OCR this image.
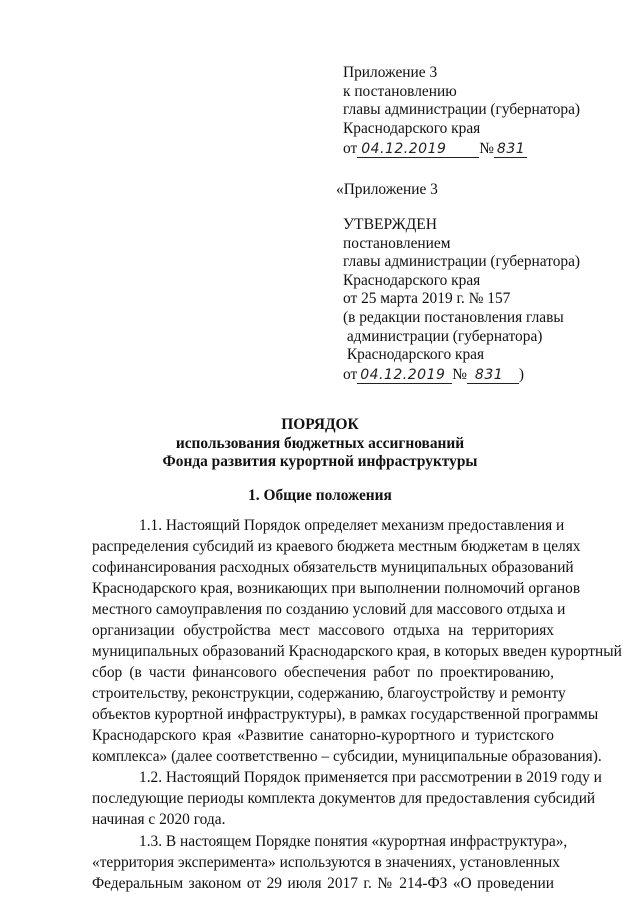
Приложение 3
к постановлению
главы администрации (губернатора)
Краснодарского края
от 04.12.2019 № 831
«Приложение 3
УТВЕРЖДЕН
постановлением
главы администрации (губернатора)
Краснодарского края
от 25 марта 2019 г. № 157
(в редакции постановления главы
администрации (губернатора)
Краснодарского края
от 04.12.2019 № 831 )
ПОРЯДОК
использования бюджетных ассигнований
Фонда развития курортной инфраструктуры
1. Общие положения
1.1. Настоящий Порядок определяет механизм предоставления и
распределения субсидий из краевого бюджета местным бюджетам в целях
софинансирования расходных обязательств муниципальных образований
Краснодарского края, возникающих при выполнении полномочий органов
местного самоуправления по созданию условий для массового отдыха и
организации обустройства мест массового отдыха на территориях
муниципальных образований Краснодарского края, в которых введен курортный
сбор (в части финансового обеспечения работ по проектированию,
строительству, реконструкции, содержанию, благоустройству и ремонту
объектов курортной инфраструктуры), в рамках государственной программы
Краснодарского края «Развитие санаторно-курортного и туристского
комплекса» (далее соответственно – субсидии, муниципальные образования).
1.2. Настоящий Порядок применяется при рассмотрении в 2019 году и
последующие периоды комплекта документов для предоставления субсидий
начиная с 2020 года.
1.3. В настоящем Порядке понятия «курортная инфраструктура»,
«территория эксперимента» используются в значениях, установленных
Федеральным законом от 29 июля 2017 г. № 214-ФЗ «О проведении
